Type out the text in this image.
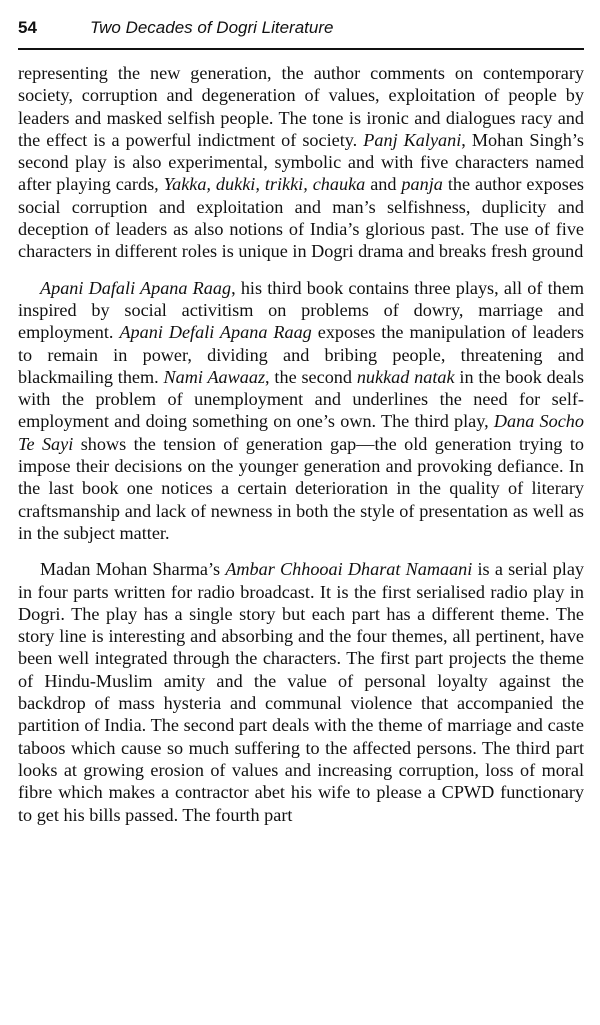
54	Two Decades of Dogri Literature

representing the new generation, the author comments on contemporary society, corruption and degeneration of values, exploitation of people by leaders and masked selfish people. The tone is ironic and dialogues racy and the effect is a powerful indictment of society. Panj Kalyani, Mohan Singh’s second play is also experimental, symbolic and with five characters named after playing cards, Yakka, dukki, trikki, chauka and panja the author exposes social corruption and exploitation and man’s selfishness, duplicity and deception of leaders as also notions of India’s glorious past. The use of five characters in different roles is unique in Dogri drama and breaks fresh ground

Apani Dafali Apana Raag, his third book contains three plays, all of them inspired by social activitism on problems of dowry, marriage and employment. Apani Defali Apana Raag exposes the manipulation of leaders to remain in power, dividing and bribing people, threatening and blackmailing them. Nami Aawaaz, the second nukkad natak in the book deals with the problem of unemployment and underlines the need for self-employment and doing something on one’s own. The third play, Dana Socho Te Sayi shows the tension of generation gap—the old generation trying to impose their decisions on the younger generation and provoking defiance. In the last book one notices a certain deterioration in the quality of literary craftsmanship and lack of newness in both the style of presentation as well as in the subject matter.

Madan Mohan Sharma’s Ambar Chhooai Dharat Namaani is a serial play in four parts written for radio broadcast. It is the first serialised radio play in Dogri. The play has a single story but each part has a different theme. The story line is interesting and absorbing and the four themes, all pertinent, have been well integrated through the characters. The first part projects the theme of Hindu-Muslim amity and the value of personal loyalty against the backdrop of mass hysteria and communal violence that accompanied the partition of India. The second part deals with the theme of marriage and caste taboos which cause so much suffering to the affected persons. The third part looks at growing erosion of values and increasing corruption, loss of moral fibre which makes a contractor abet his wife to please a CPWD functionary to get his bills passed. The fourth part
